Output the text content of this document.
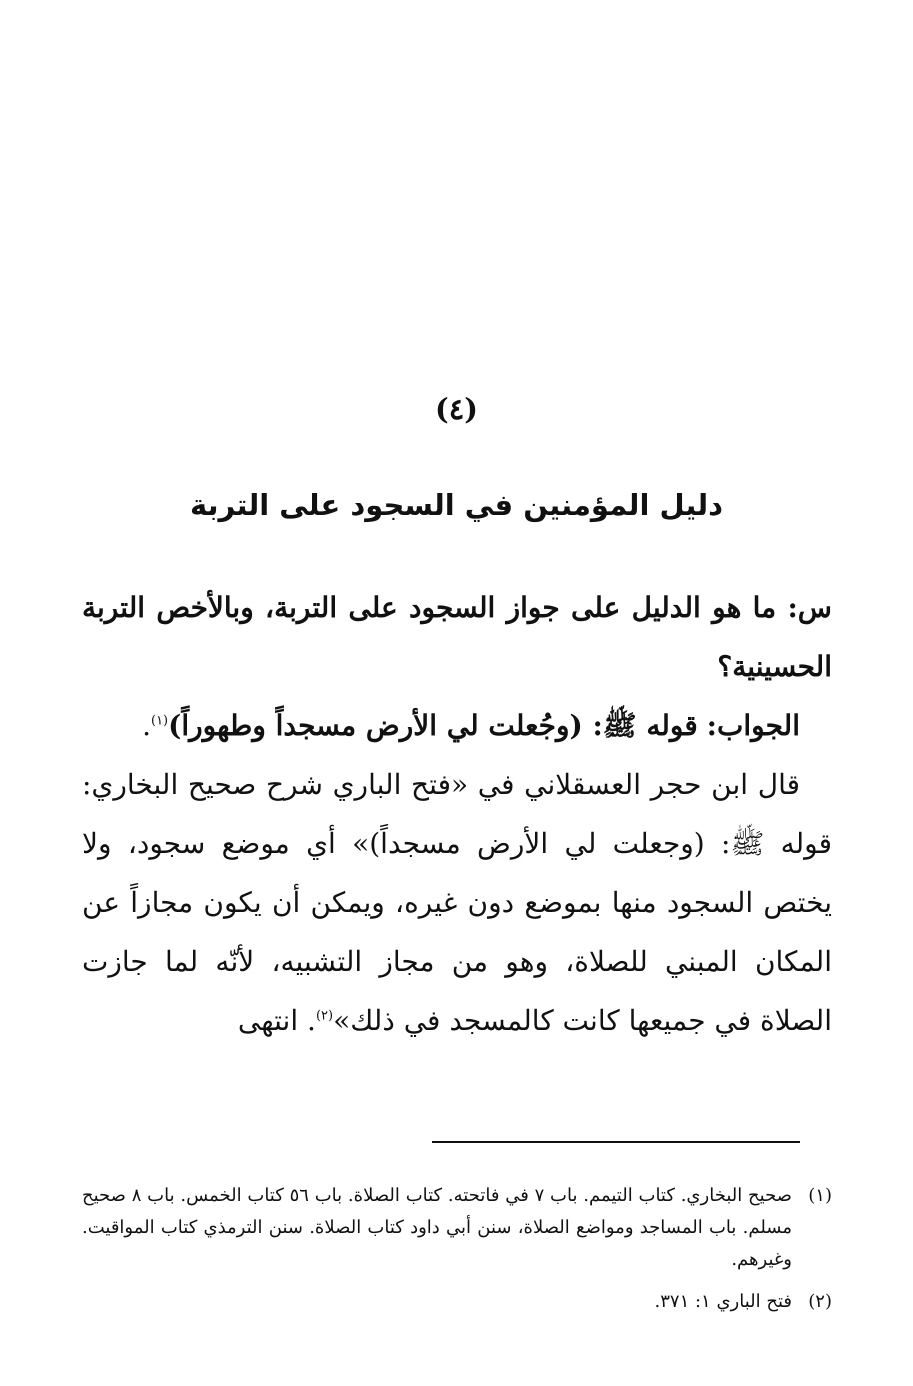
(٤)
دليل المؤمنين في السجود على التربة

س: ما هو الدليل على جواز السجود على التربة، وبالأخص التربة الحسينية؟

الجواب: قوله ﷺ: (وجُعلت لي الأرض مسجداً وطهوراً)$^{(١)}$.

قال ابن حجر العسقلاني في «فتح الباري شرح صحيح البخاري: قوله ﷺ: (وجعلت لي الأرض مسجداً)» أي موضع سجود، ولا يختص السجود منها بموضع دون غيره، ويمكن أن يكون مجازاً عن المكان المبني للصلاة، وهو من مجاز التشبيه، لأنّه لما جازت الصلاة في جميعها كانت كالمسجد في ذلك»$^{(٢)}$. انتهى

(١)صحيح البخاري. كتاب التيمم. باب ٧ في فاتحته. كتاب الصلاة. باب ٥٦ كتاب الخمس. باب ٨ صحيح مسلم. باب المساجد ومواضع الصلاة، سنن أبي داود كتاب الصلاة. سنن الترمذي كتاب المواقيت. وغيرهم.

(٢)فتح الباري ١: ٣٧١.
